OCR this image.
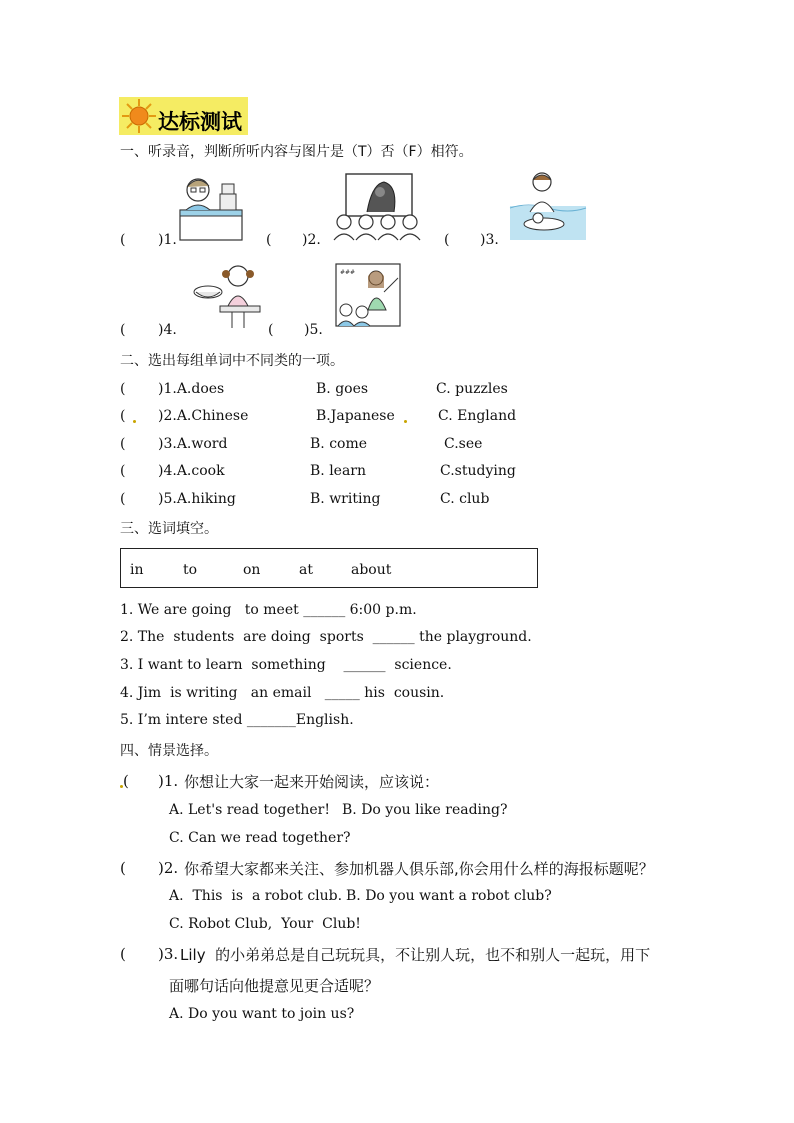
达标测试
一、听录音，判断所听内容与图片是（T）否（F）相符。
( )1.	( )2.	( )3.
###
( )4.	( )5.
二、选出每组单词中不同类的一项。
( )1.A.does	B. goes	C. puzzles
( )2.A.Chinese	B.Japanese	C. England
( )3.A.word	B. come	C.see
( )4.A.cook	B. learn	C.studying
( )5.A.hiking	B. writing	C. club
三、选词填空。
in	to	on	at	about
1. We are going   to meet ______ 6:00 p.m.
2. The  students  are doing  sports  ______ the playground.
3. I want to learn  something    ______  science.
4. Jim  is writing   an email   _____ his  cousin.
5. I’m intere sted _______English.
四、情景选择。
( )1. 你想让大家一起来开始阅读，应该说：
A. Let's read together! B. Do you like reading?
C. Can we read together?
( )2. 你希望大家都来关注、参加机器人俱乐部,你会用什么样的海报标题呢？
A.  This  is  a robot club. B. Do you want a robot club?
C. Robot Club,  Your  Club!
( )3. Lily  的小弟弟总是自己玩玩具，不让别人玩，也不和别人一起玩，用下
面哪句话向他提意见更合适呢？
A. Do you want to join us?
